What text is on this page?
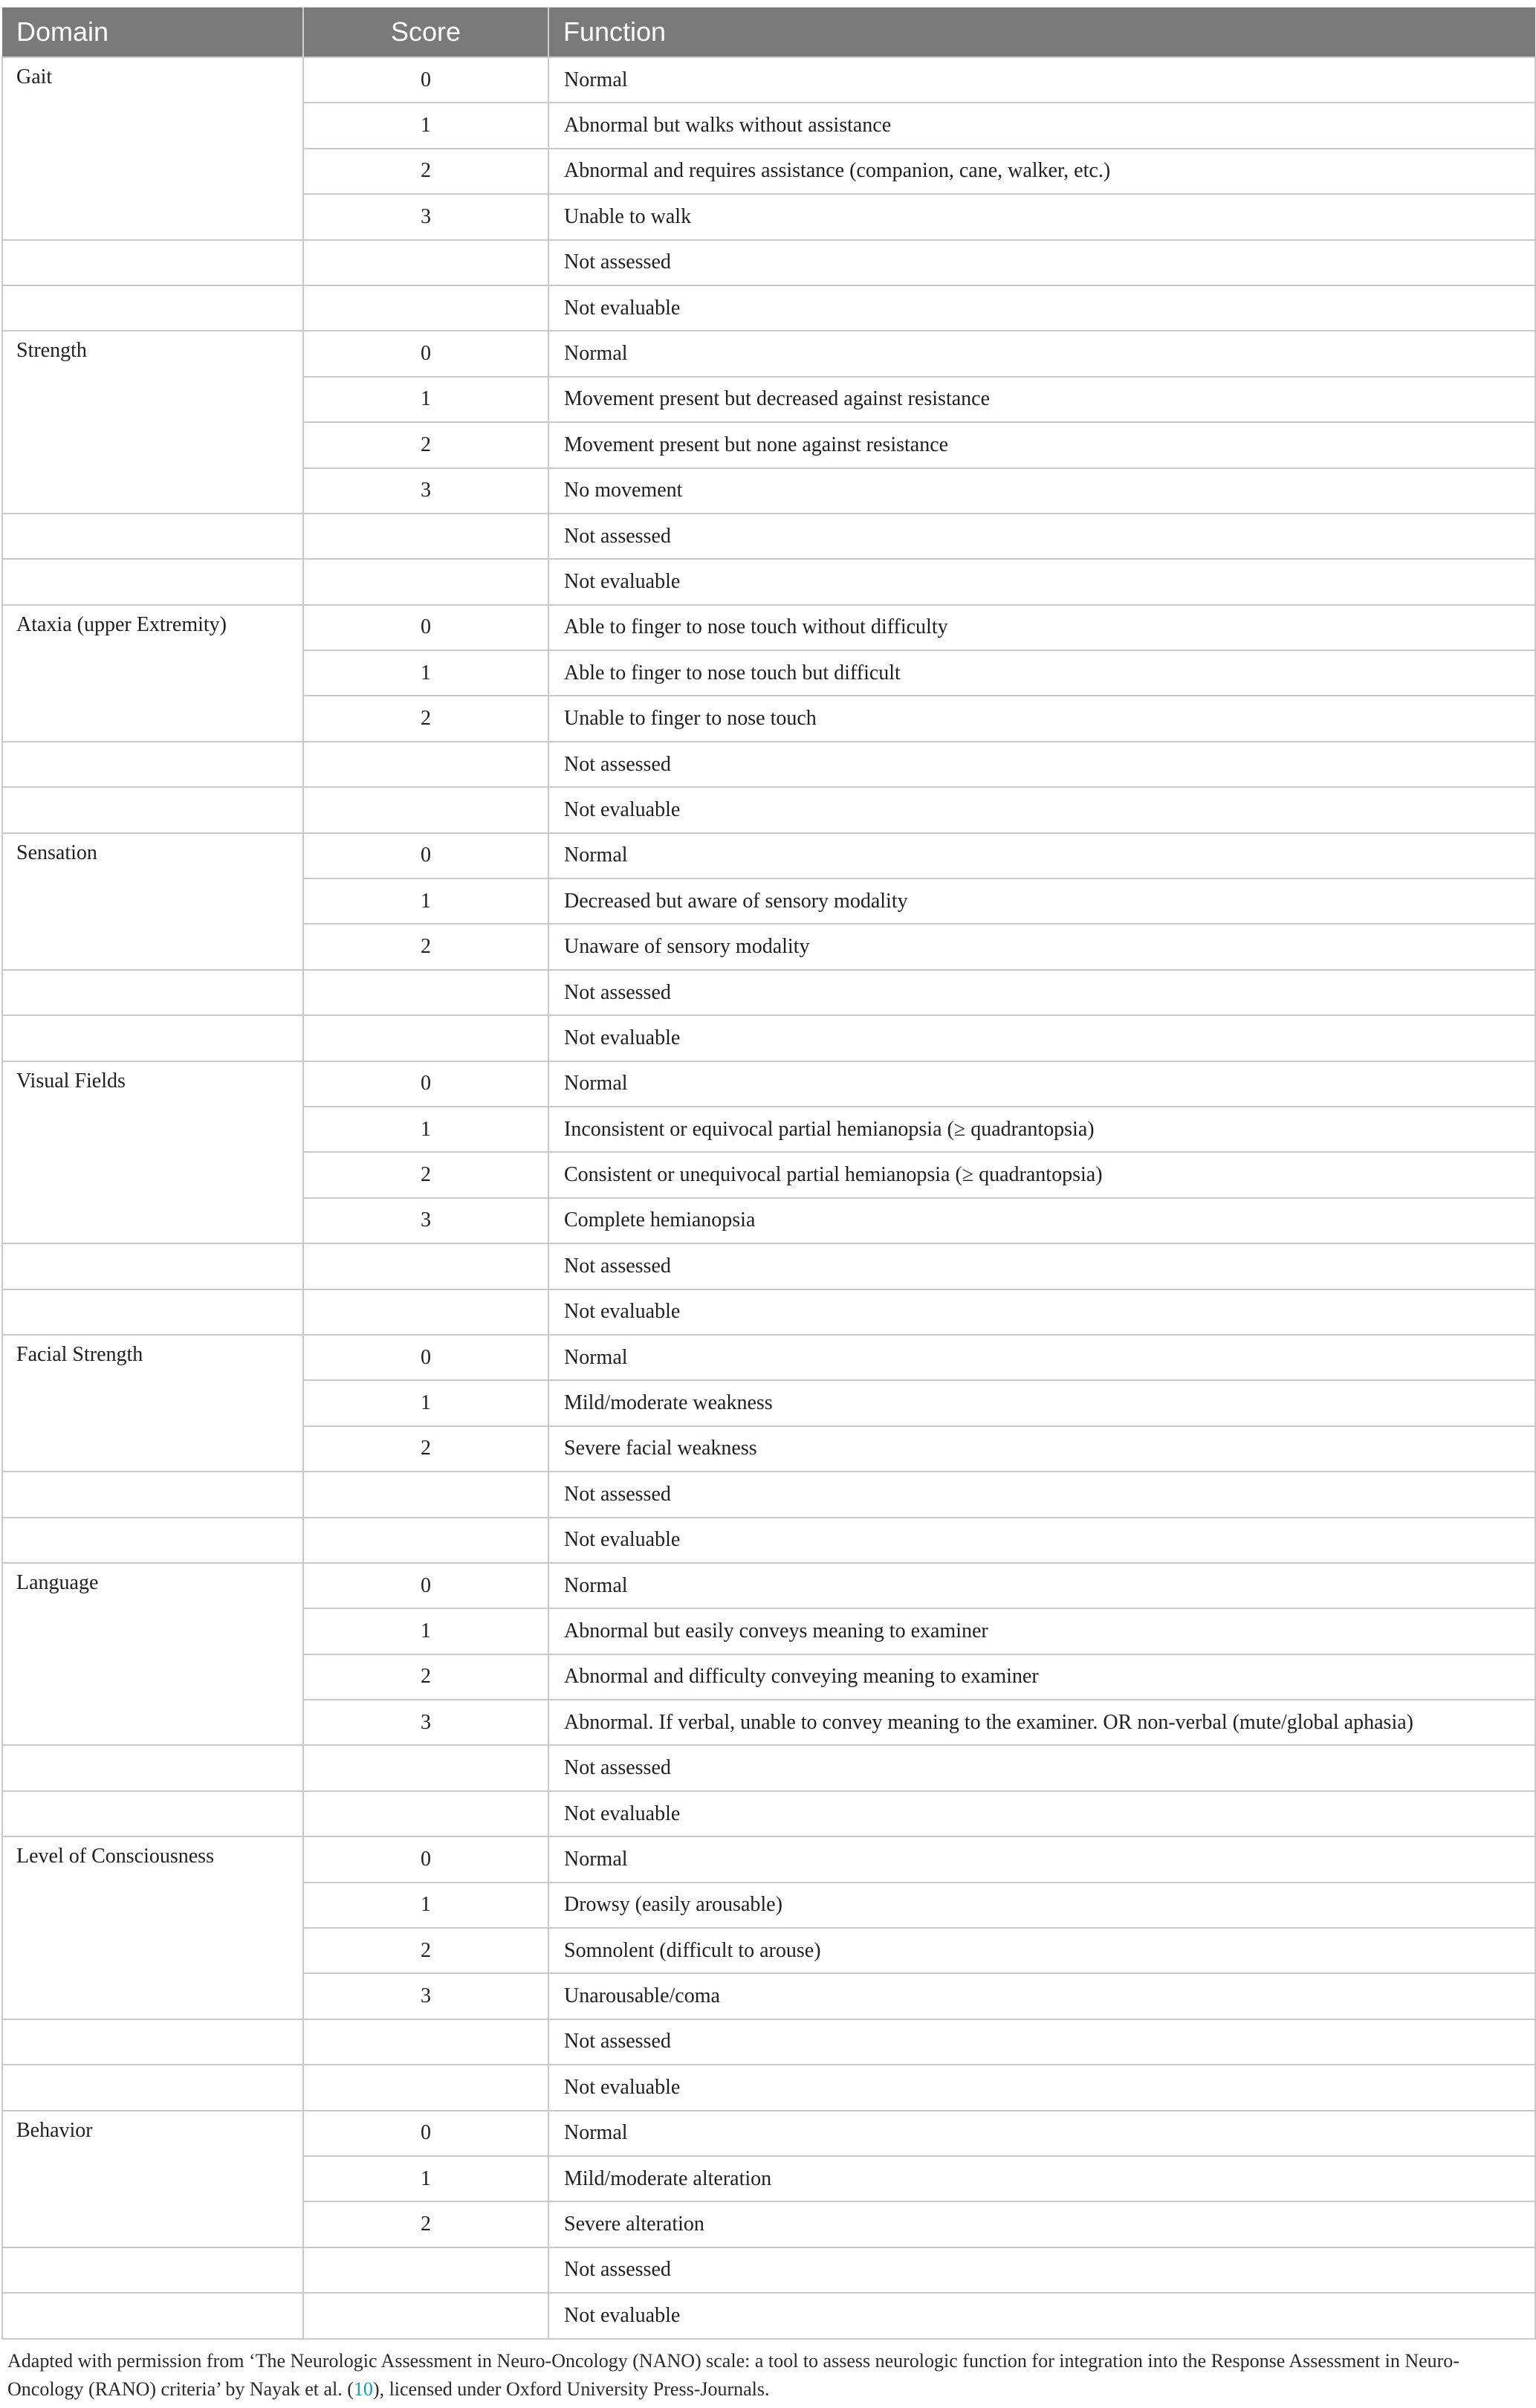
Domain	Score	Function
Gait	0	Normal
	1	Abnormal but walks without assistance
	2	Abnormal and requires assistance (companion, cane, walker, etc.)
	3	Unable to walk
		Not assessed
		Not evaluable
Strength	0	Normal
	1	Movement present but decreased against resistance
	2	Movement present but none against resistance
	3	No movement
		Not assessed
		Not evaluable
Ataxia (upper Extremity)	0	Able to finger to nose touch without difficulty
	1	Able to finger to nose touch but difficult
	2	Unable to finger to nose touch
		Not assessed
		Not evaluable
Sensation	0	Normal
	1	Decreased but aware of sensory modality
	2	Unaware of sensory modality
		Not assessed
		Not evaluable
Visual Fields	0	Normal
	1	Inconsistent or equivocal partial hemianopsia (≥ quadrantopsia)
	2	Consistent or unequivocal partial hemianopsia (≥ quadrantopsia)
	3	Complete hemianopsia
		Not assessed
		Not evaluable
Facial Strength	0	Normal
	1	Mild/moderate weakness
	2	Severe facial weakness
		Not assessed
		Not evaluable
Language	0	Normal
	1	Abnormal but easily conveys meaning to examiner
	2	Abnormal and difficulty conveying meaning to examiner
	3	Abnormal. If verbal, unable to convey meaning to the examiner. OR non-verbal (mute/global aphasia)
		Not assessed
		Not evaluable
Level of Consciousness	0	Normal
	1	Drowsy (easily arousable)
	2	Somnolent (difficult to arouse)
	3	Unarousable/coma
		Not assessed
		Not evaluable
Behavior	0	Normal
	1	Mild/moderate alteration
	2	Severe alteration
		Not assessed
		Not evaluable
Adapted with permission from ‘The Neurologic Assessment in Neuro-Oncology (NANO) scale: a tool to assess neurologic function for integration into the Response Assessment in Neuro-Oncology (RANO) criteria’ by Nayak et al. (10), licensed under Oxford University Press-Journals.
